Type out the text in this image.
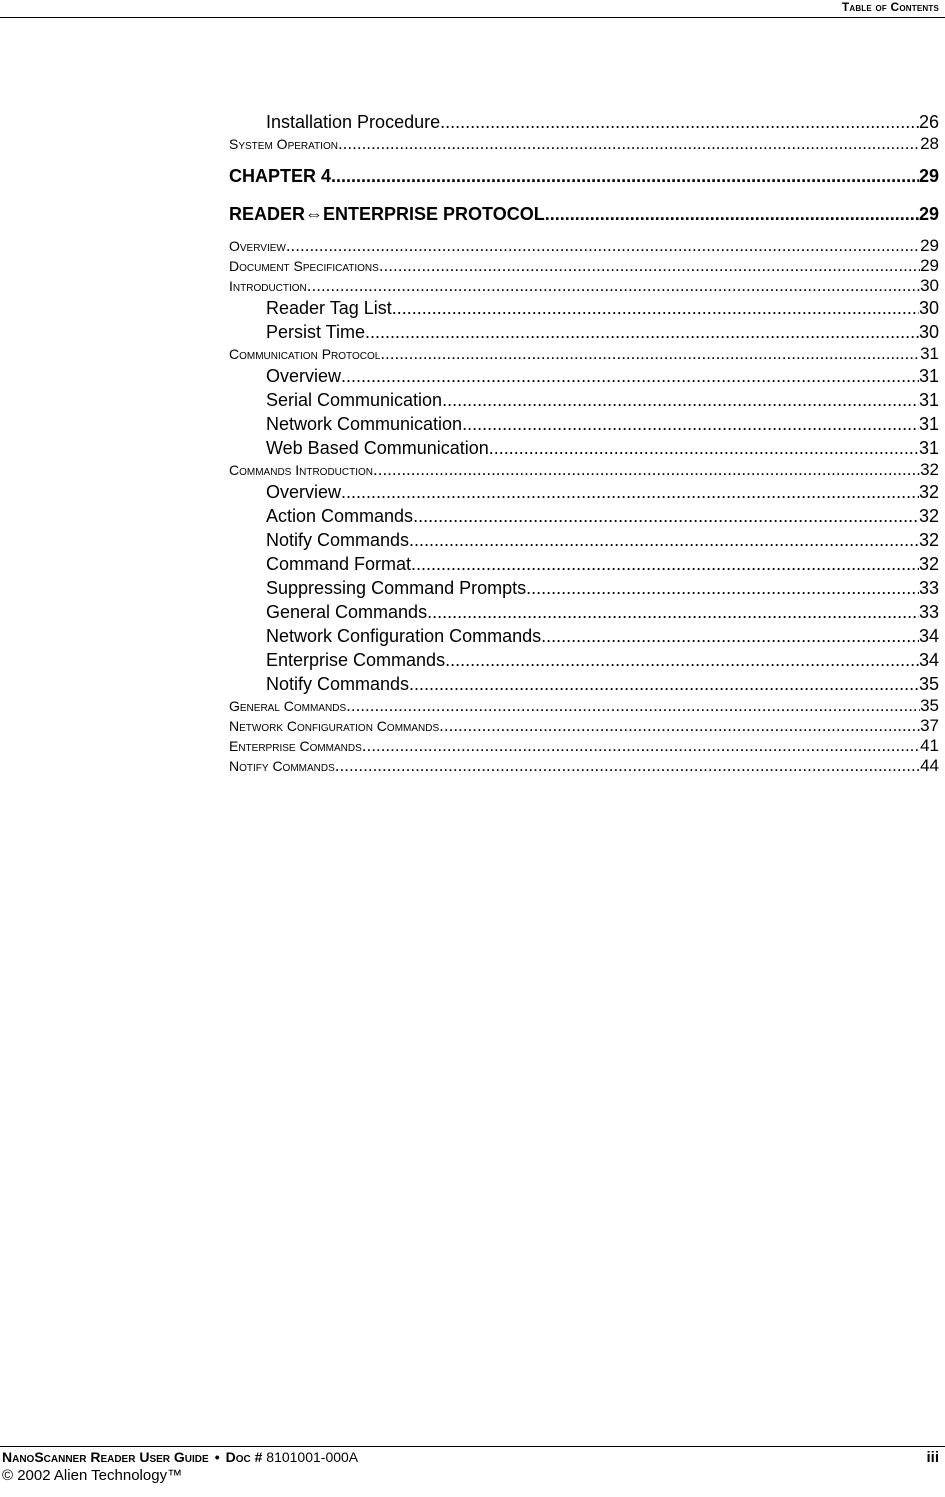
Table of Contents
Installation Procedure .....	26
System Operation .....	28
CHAPTER 4 .....	29
READER⇔ENTERPRISE PROTOCOL .....	29
Overview .....	29
Document Specifications .....	29
Introduction .....	30
Reader Tag List .....	30
Persist Time .....	30
Communication Protocol .....	31
Overview .....	31
Serial Communication .....	31
Network Communication .....	31
Web Based Communication .....	31
Commands Introduction .....	32
Overview .....	32
Action Commands .....	32
Notify Commands .....	32
Command Format .....	32
Suppressing Command Prompts .....	33
General Commands .....	33
Network Configuration Commands .....	34
Enterprise Commands .....	34
Notify Commands .....	35
General Commands .....	35
Network Configuration Commands .....	37
Enterprise Commands .....	41
Notify Commands .....	44
NanoScanner Reader User Guide • Doc # 8101001-000A	iii
© 2002 Alien Technology™
